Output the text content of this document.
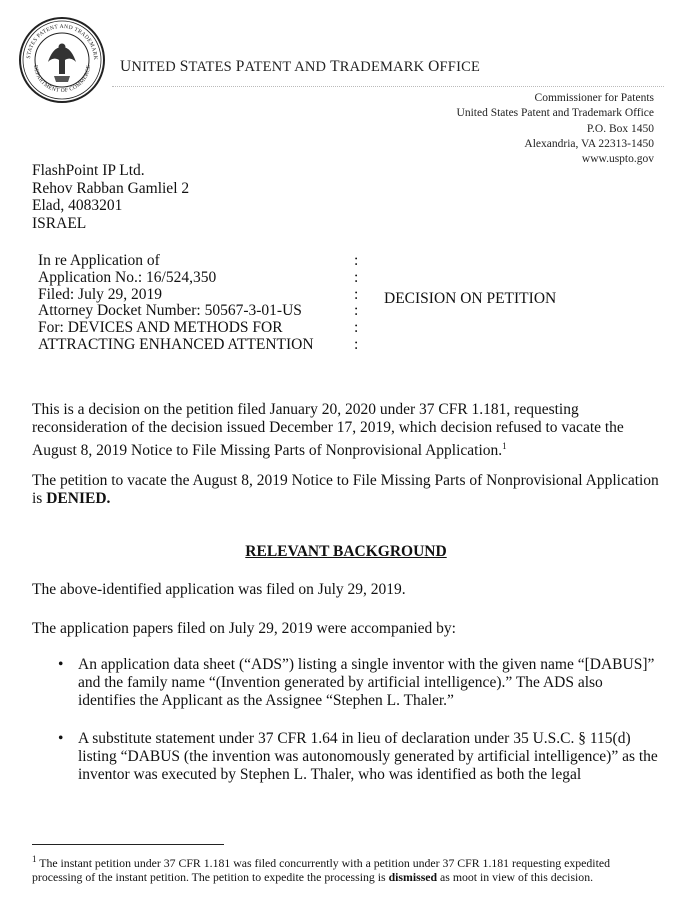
STATES PATENT AND TRADEMARK
DEPARTMENT OF COMMERCE UNITED STATES PATENT AND TRADEMARK OFFICE
Commissioner for Patents
United States Patent and Trademark Office
P.O. Box 1450
Alexandria, VA 22313-1450
www.uspto.gov
FlashPoint IP Ltd.
Rehov Rabban Gamliel 2
Elad, 4083201
ISRAEL
In re Application of
Application No.: 16/524,350
Filed: July 29, 2019
Attorney Docket Number: 50567-3-01-US
For: DEVICES AND METHODS FOR
ATTRACTING ENHANCED ATTENTION
:
:
:
:
:
:
DECISION ON PETITION

This is a decision on the petition filed January 20, 2020 under 37 CFR 1.181, requesting reconsideration of the decision issued December 17, 2019, which decision refused to vacate the August 8, 2019 Notice to File Missing Parts of Nonprovisional Application.$^1$

The petition to vacate the August 8, 2019 Notice to File Missing Parts of Nonprovisional Application is DENIED.

RELEVANT BACKGROUND

The above-identified application was filed on July 29, 2019.

The application papers filed on July 29, 2019 were accompanied by:

• An application data sheet (“ADS”) listing a single inventor with the given name “[DABUS]” and the family name “(Invention generated by artificial intelligence).” The ADS also identifies the Applicant as the Assignee “Stephen L. Thaler.”
• A substitute statement under 37 CFR 1.64 in lieu of declaration under 35 U.S.C. § 115(d) listing “DABUS (the invention was autonomously generated by artificial intelligence)” as the inventor was executed by Stephen L. Thaler, who was identified as both the legal

$^1$ The instant petition under 37 CFR 1.181 was filed concurrently with a petition under 37 CFR 1.181 requesting expedited processing of the instant petition. The petition to expedite the processing is dismissed as moot in view of this decision.
